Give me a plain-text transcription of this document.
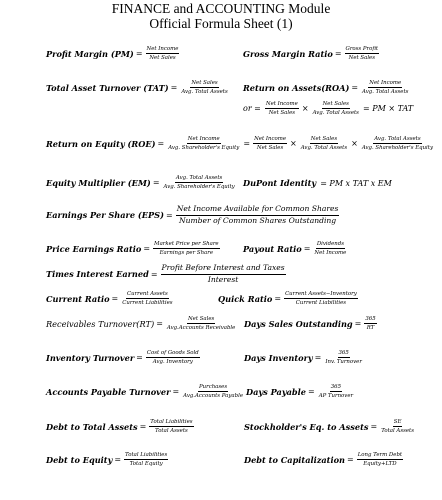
FINANCE and ACCOUNTING Module
Official Formula Sheet (1)
Profit Margin $(PM) = \frac{\text{Net Income}}{\text{Net Sales}}$	Gross Margin Ratio = $\frac{\text{Gross Profit}}{\text{Net Sales}}$
Total Asset Turnover $(TAT) = \frac{\text{Net Sales}}{\text{Avg. Total Assets}}$ Return on Assets(ROA) = $\frac{\text{Net Income}}{\text{Avg. Total Assets}}$
or = $\frac{\text{Net Income}}{\text{Net Sales}} \times \frac{\text{Net Sales}}{\text{Avg. Total Assets}}$ = PM × TAT
Return on Equity $(ROE) = \frac{\text{Net Income}}{\text{Avg. Shareholder's Equity}} = \frac{\text{Net Income}}{\text{Net Sales}} \times \frac{\text{Net Sales}}{\text{Avg. Total Assets}} \times \frac{\text{Avg. Total Assets}}{\text{Avg. Shareholder's Equity}}$
Equity Multiplier $(EM) = \frac{\text{Avg. Total Assets}}{\text{Avg. Shareholder's Equity}}$ DuPont Identity = PM x TAT x EM
Earnings Per Share $(EPS) = \frac{\text{Net Income Available for Common Shares}}{\text{Number of Common Shares Outstanding}}$
Price Earnings Ratio = $\frac{\text{Market Price per Share}}{\text{Earnings per Share}}$	Payout Ratio = $\frac{\text{Dividends}}{\text{Net Income}}$
Times Interest Earned = $\frac{\text{Profit Before Interest and Taxes}}{\text{Interest}}$
Current Ratio = $\frac{\text{Current Assets}}{\text{Current Liabilities}}$	Quick Ratio = $\frac{\text{Current Assets−Inventory}}{\text{Current Liabilities}}$
Receivables Turnover(RT) = $\frac{\text{Net Sales}}{\text{Avg.Accounts Receivable}}$ Days Sales Outstanding = $\frac{365}{RT}$
Inventory Turnover = $\frac{\text{Cost of Goods Sold}}{\text{Avg. Inventory}}$	Days Inventory = $\frac{365}{\text{Inv. Turnover}}$
Accounts Payable Turnover = $\frac{\text{Purchases}}{\text{Avg.Accounts Payable}}$ Days Payable = $\frac{365}{\text{AP Turnover}}$
Debt to Total Assets = $\frac{\text{Total Liabilities}}{\text{Total Assets}}$	Stockholder's Eq. to Assets = $\frac{SE}{\text{Total Assets}}$
Debt to Equity = $\frac{\text{Total Liabilities}}{\text{Total Equity}}$	Debt to Capitalization = $\frac{\text{Long Term Debt}}{\text{Equity+LTD}}$
